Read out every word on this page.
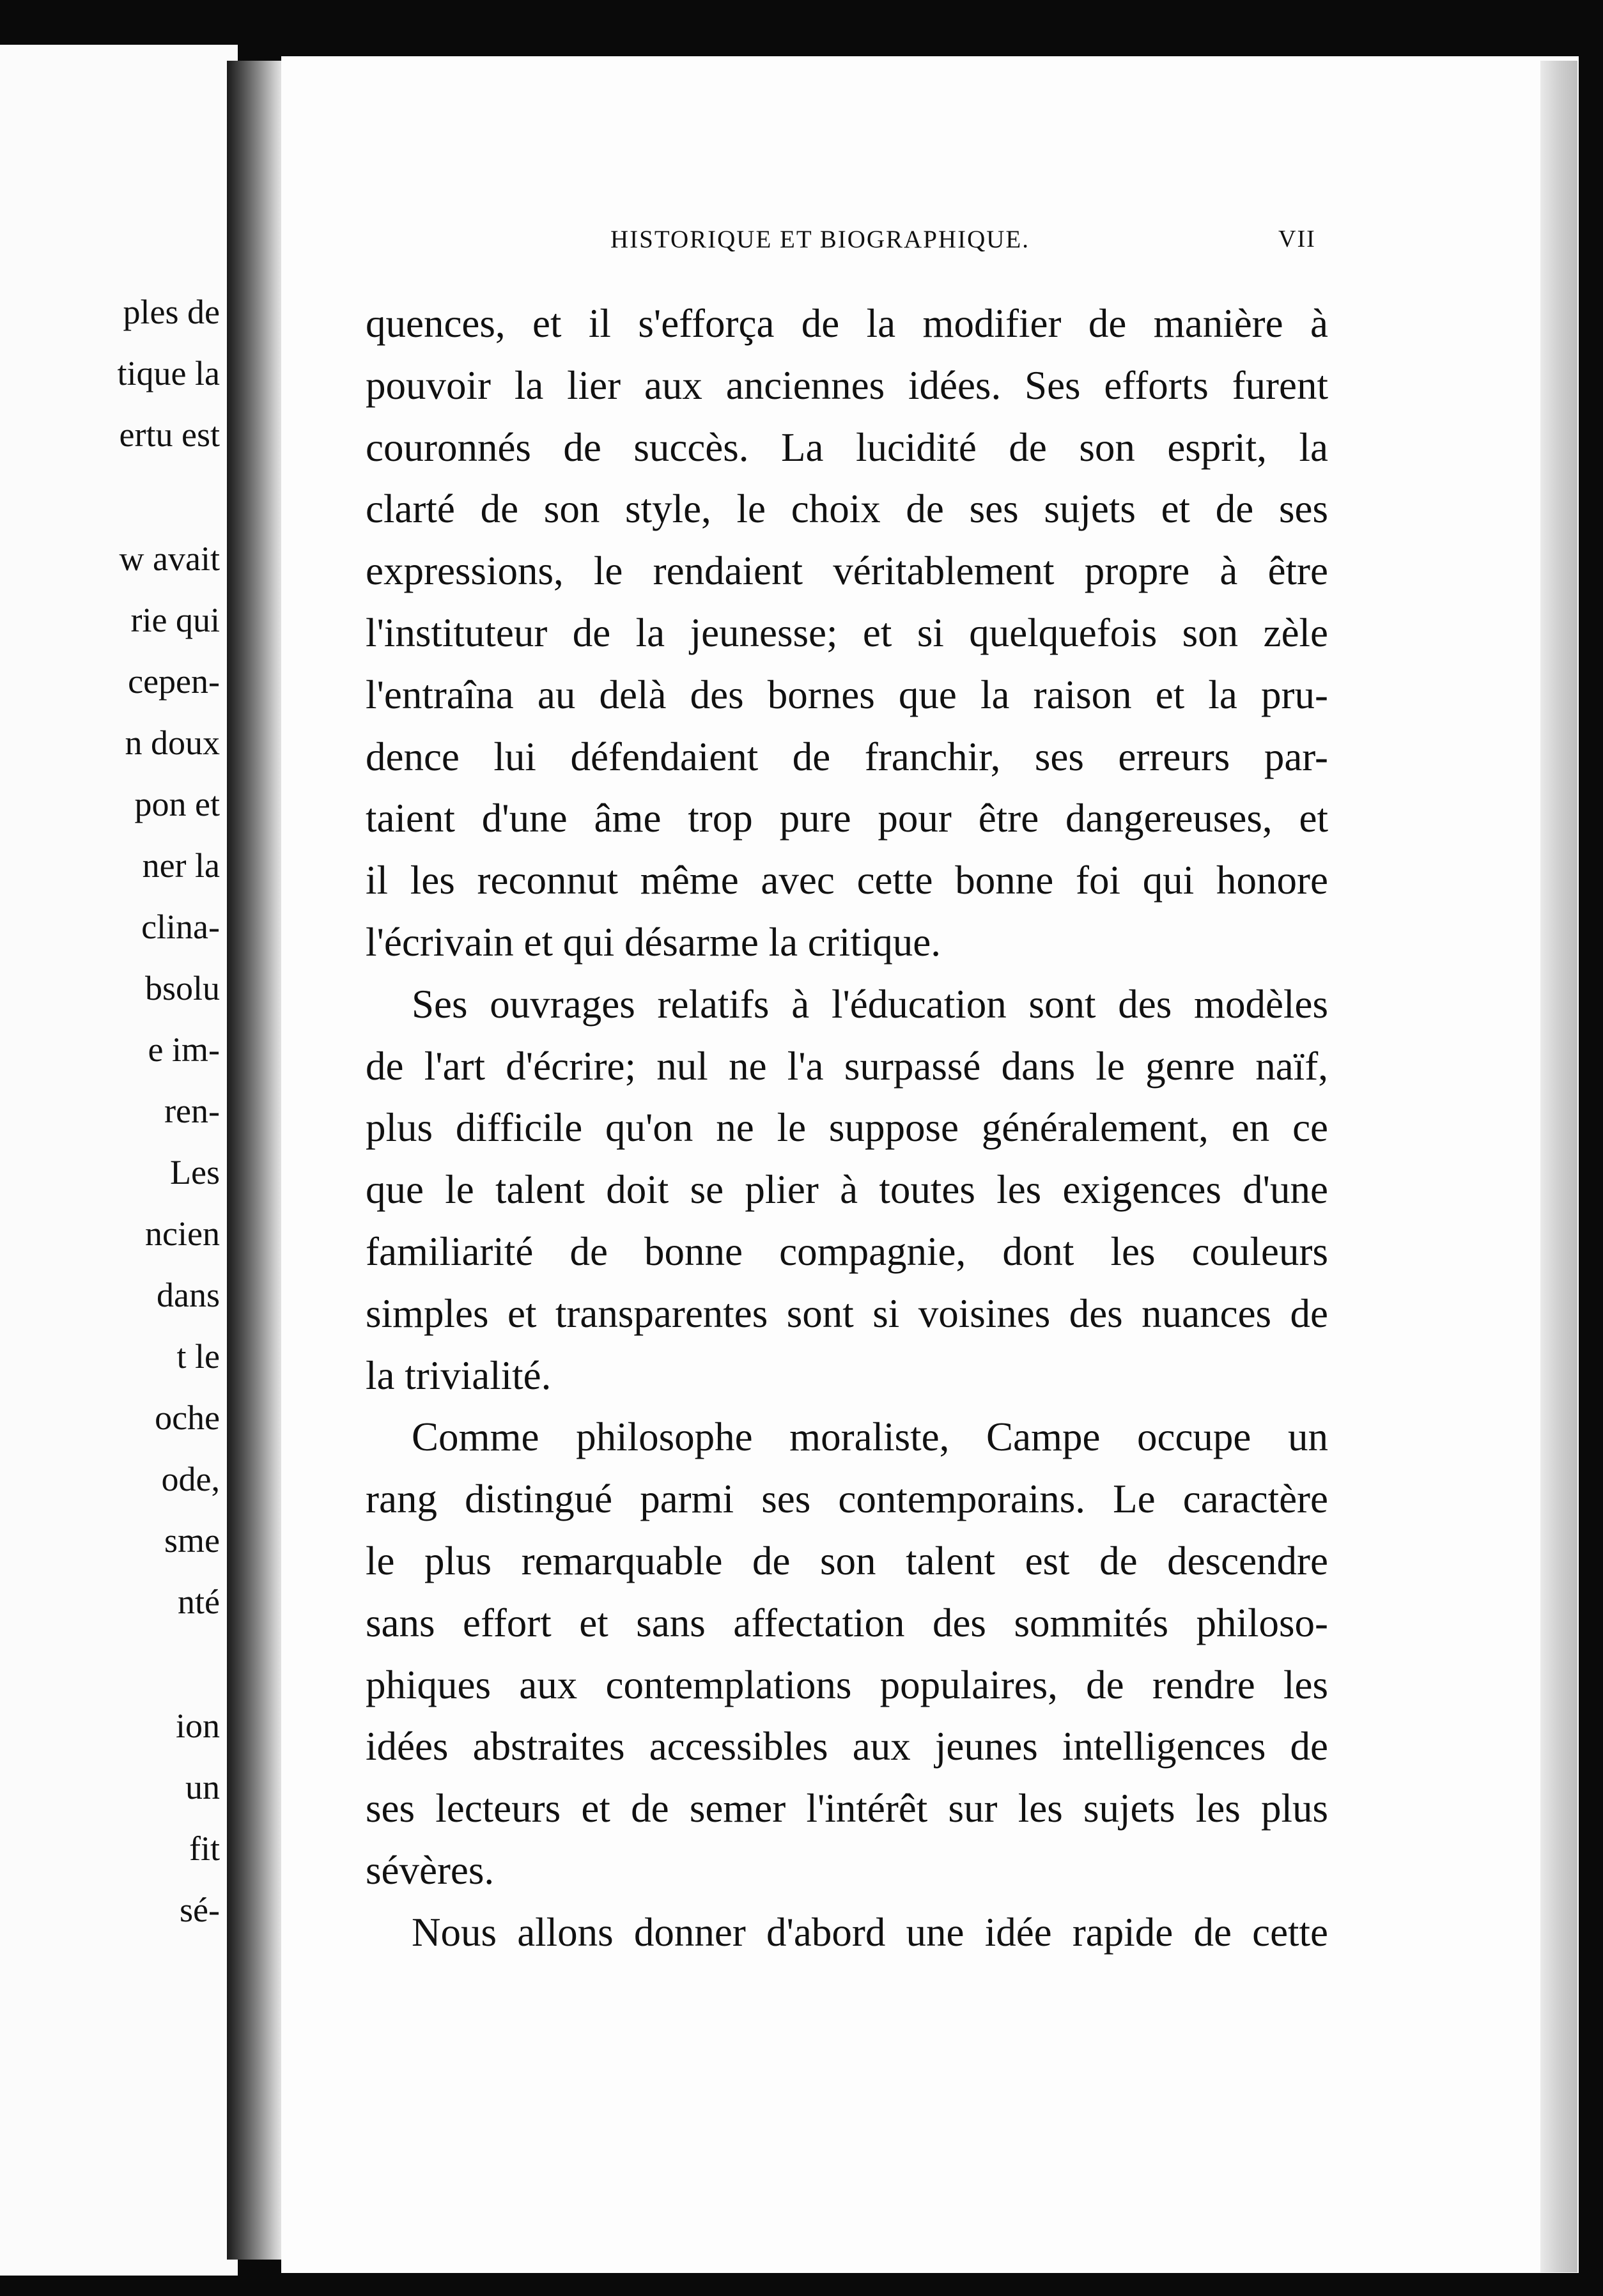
ples de
tique la
ertu est
w avait
rie qui
cepen-
n doux
pon et
ner la
clina-
bsolu
e im-
ren-
Les
ncien
dans
t le
oche
ode,
sme
nté
ion
un
fit
sé-
HISTORIQUE ET BIOGRAPHIQUE.	VII
quences, et il s'efforça de la modifier de manière à
pouvoir la lier aux anciennes idées. Ses efforts furent
couronnés de succès. La lucidité de son esprit, la
clarté de son style, le choix de ses sujets et de ses
expressions, le rendaient véritablement propre à être
l'instituteur de la jeunesse; et si quelquefois son zèle
l'entraîna au delà des bornes que la raison et la pru-
dence lui défendaient de franchir, ses erreurs par-
taient d'une âme trop pure pour être dangereuses, et
il les reconnut même avec cette bonne foi qui honore
l'écrivain et qui désarme la critique.
Ses ouvrages relatifs à l'éducation sont des modèles
de l'art d'écrire; nul ne l'a surpassé dans le genre naïf,
plus difficile qu'on ne le suppose généralement, en ce
que le talent doit se plier à toutes les exigences d'une
familiarité de bonne compagnie, dont les couleurs
simples et transparentes sont si voisines des nuances de
la trivialité.
Comme philosophe moraliste, Campe occupe un
rang distingué parmi ses contemporains. Le caractère
le plus remarquable de son talent est de descendre
sans effort et sans affectation des sommités philoso-
phiques aux contemplations populaires, de rendre les
idées abstraites accessibles aux jeunes intelligences de
ses lecteurs et de semer l'intérêt sur les sujets les plus
sévères.
Nous allons donner d'abord une idée rapide de cette
